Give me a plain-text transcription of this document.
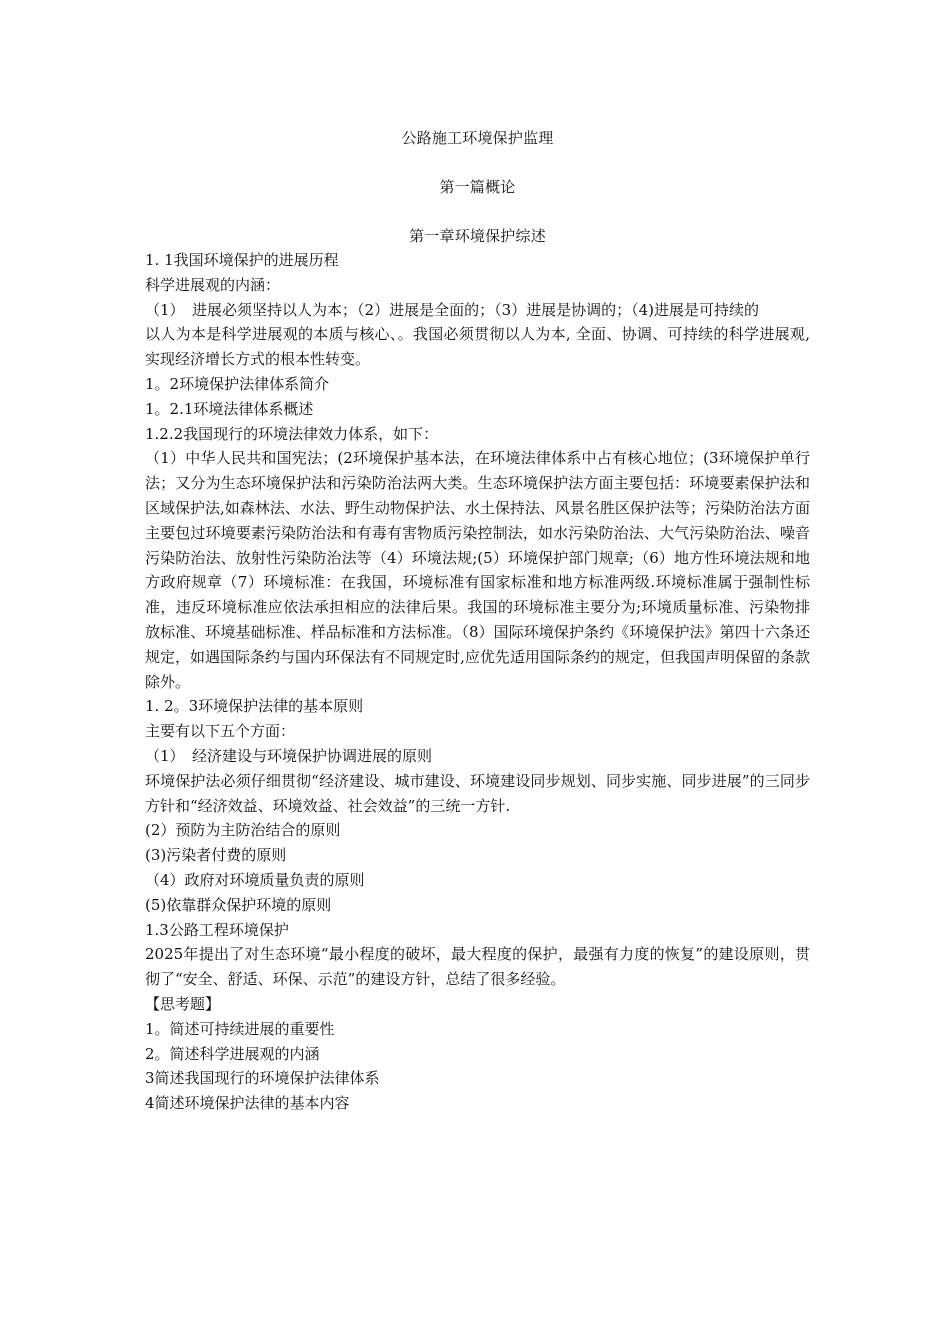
公路施工环境保护监理
第一篇概论
第一章环境保护综述

1. 1我国环境保护的进展历程

科学进展观的内涵：

（1）　进展必须坚持以人为本；（2）进展是全面的；（3）进展是协调的；（4)进展是可持续的

以人为本是科学进展观的本质与核心、。我国必须贯彻以人为本, 全面、协调、可持续的科学进展观, 实现经济增长方式的根本性转变。

1。2环境保护法律体系简介

1。2.1环境法律体系概述

1.2.2我国现行的环境法律效力体系，如下：

（1）中华人民共和国宪法；(2环境保护基本法，在环境法律体系中占有核心地位；(3环境保护单行法；又分为生态环境保护法和污染防治法两大类。生态环境保护法方面主要包括：环境要素保护法和区域保护法,如森林法、水法、野生动物保护法、水土保持法、风景名胜区保护法等；污染防治法方面主要包过环境要素污染防治法和有毒有害物质污染控制法，如水污染防治法、大气污染防治法、噪音污染防治法、放射性污染防治法等（4）环境法规;(5）环境保护部门规章;（6）地方性环境法规和地方政府规章（7）环境标准：在我国，环境标准有国家标准和地方标准两级.环境标准属于强制性标准，违反环境标准应依法承担相应的法律后果。我国的环境标准主要分为;环境质量标准、污染物排放标准、环境基础标准、样品标准和方法标准。（8）国际环境保护条约《环境保护法》第四十六条还规定，如遇国际条约与国内环保法有不同规定时,应优先适用国际条约的规定，但我国声明保留的条款除外。

1. 2。3环境保护法律的基本原则

主要有以下五个方面：

（1）　经济建设与环境保护协调进展的原则

环境保护法必须仔细贯彻“经济建设、城市建设、环境建设同步规划、同步实施、同步进展”的三同步方针和“经济效益、环境效益、社会效益”的三统一方针.

(2）预防为主防治结合的原则

(3)污染者付费的原则

（4）政府对环境质量负责的原则

(5)依靠群众保护环境的原则

1.3公路工程环境保护

2025年提出了对生态环境“最小程度的破坏，最大程度的保护，最强有力度的恢复”的建设原则，贯彻了“安全、舒适、环保、示范”的建设方针，总结了很多经验。

【思考题】

1。简述可持续进展的重要性

2。简述科学进展观的内涵

3简述我国现行的环境保护法律体系

4简述环境保护法律的基本内容
